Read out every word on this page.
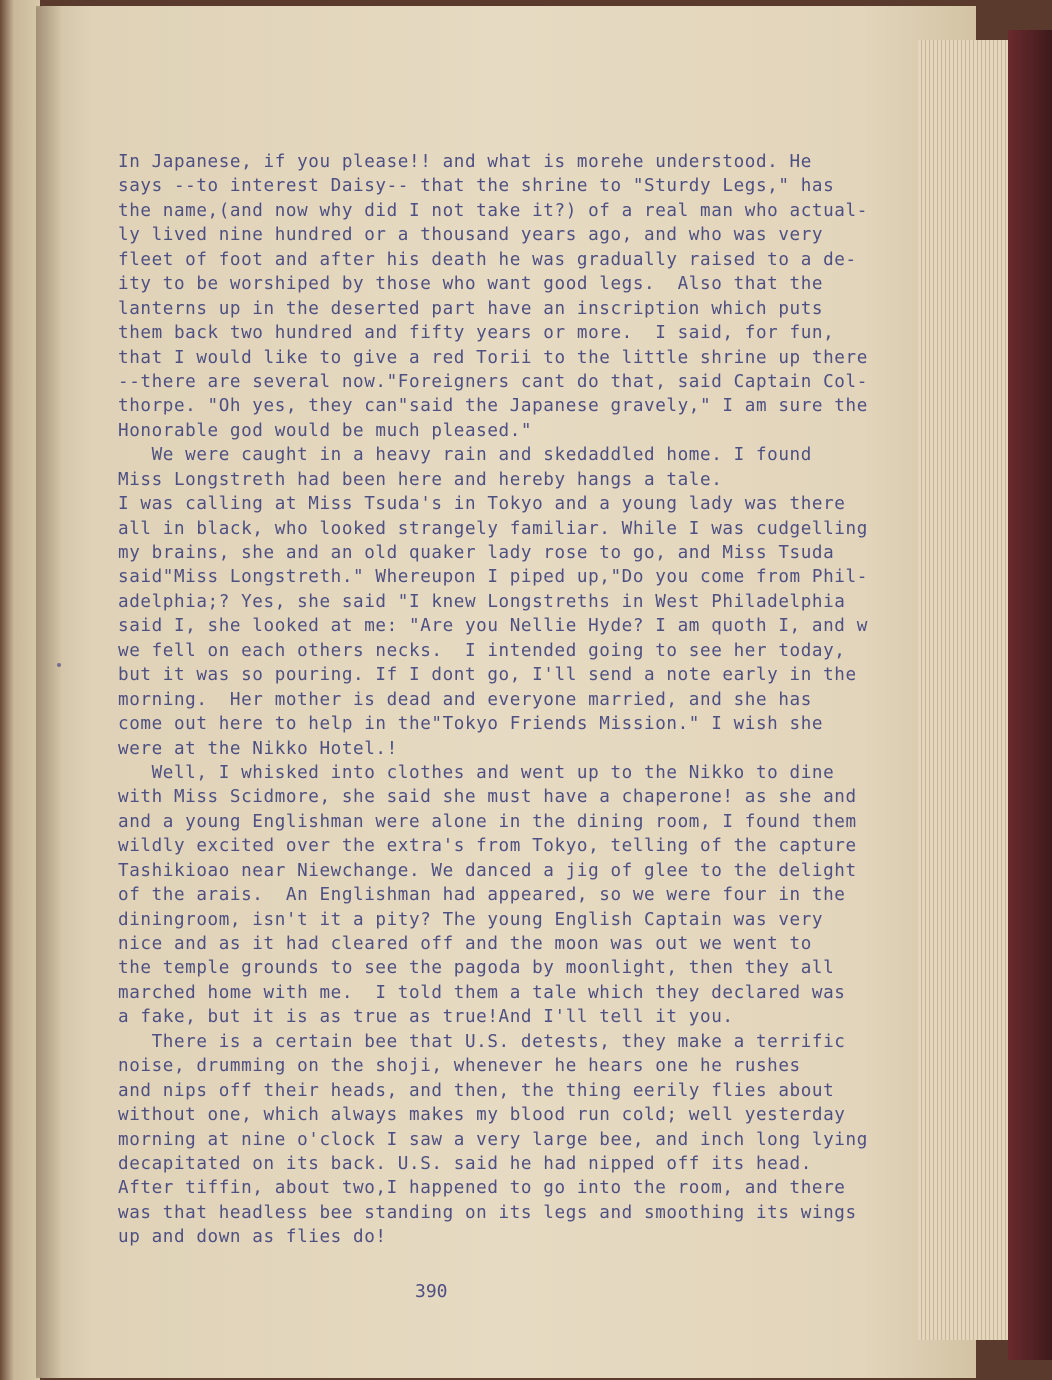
In Japanese, if you please!! and what is morehe understood. He
says --to interest Daisy-- that the shrine to "Sturdy Legs," has
the name,(and now why did I not take it?) of a real man who actual-
ly lived nine hundred or a thousand years ago, and who was very
fleet of foot and after his death he was gradually raised to a de-
ity to be worshiped by those who want good legs.  Also that the
lanterns up in the deserted part have an inscription which puts
them back two hundred and fifty years or more.  I said, for fun,
that I would like to give a red Torii to the little shrine up there
--there are several now."Foreigners cant do that, said Captain Col-
thorpe. "Oh yes, they can"said the Japanese gravely," I am sure the
Honorable god would be much pleased."
We were caught in a heavy rain and skedaddled home. I found
Miss Longstreth had been here and hereby hangs a tale.
I was calling at Miss Tsuda's in Tokyo and a young lady was there
all in black, who looked strangely familiar. While I was cudgelling
my brains, she and an old quaker lady rose to go, and Miss Tsuda
said"Miss Longstreth." Whereupon I piped up,"Do you come from Phil-
adelphia;? Yes, she said "I knew Longstreths in West Philadelphia
said I, she looked at me: "Are you Nellie Hyde? I am quoth I, and w
we fell on each others necks.  I intended going to see her today,
but it was so pouring. If I dont go, I'll send a note early in the
morning.  Her mother is dead and everyone married, and she has
come out here to help in the"Tokyo Friends Mission." I wish she
were at the Nikko Hotel.!
Well, I whisked into clothes and went up to the Nikko to dine
with Miss Scidmore, she said she must have a chaperone! as she and
and a young Englishman were alone in the dining room, I found them
wildly excited over the extra's from Tokyo, telling of the capture
Tashikioao near Niewchange. We danced a jig of glee to the delight
of the arais.  An Englishman had appeared, so we were four in the
diningroom, isn't it a pity? The young English Captain was very
nice and as it had cleared off and the moon was out we went to
the temple grounds to see the pagoda by moonlight, then they all
marched home with me.  I told them a tale which they declared was
a fake, but it is as true as true!And I'll tell it you.
There is a certain bee that U.S. detests, they make a terrific
noise, drumming on the shoji, whenever he hears one he rushes
and nips off their heads, and then, the thing eerily flies about
without one, which always makes my blood run cold; well yesterday
morning at nine o'clock I saw a very large bee, and inch long lying
decapitated on its back. U.S. said he had nipped off its head.
After tiffin, about two,I happened to go into the room, and there
was that headless bee standing on its legs and smoothing its wings
up and down as flies do!
390
